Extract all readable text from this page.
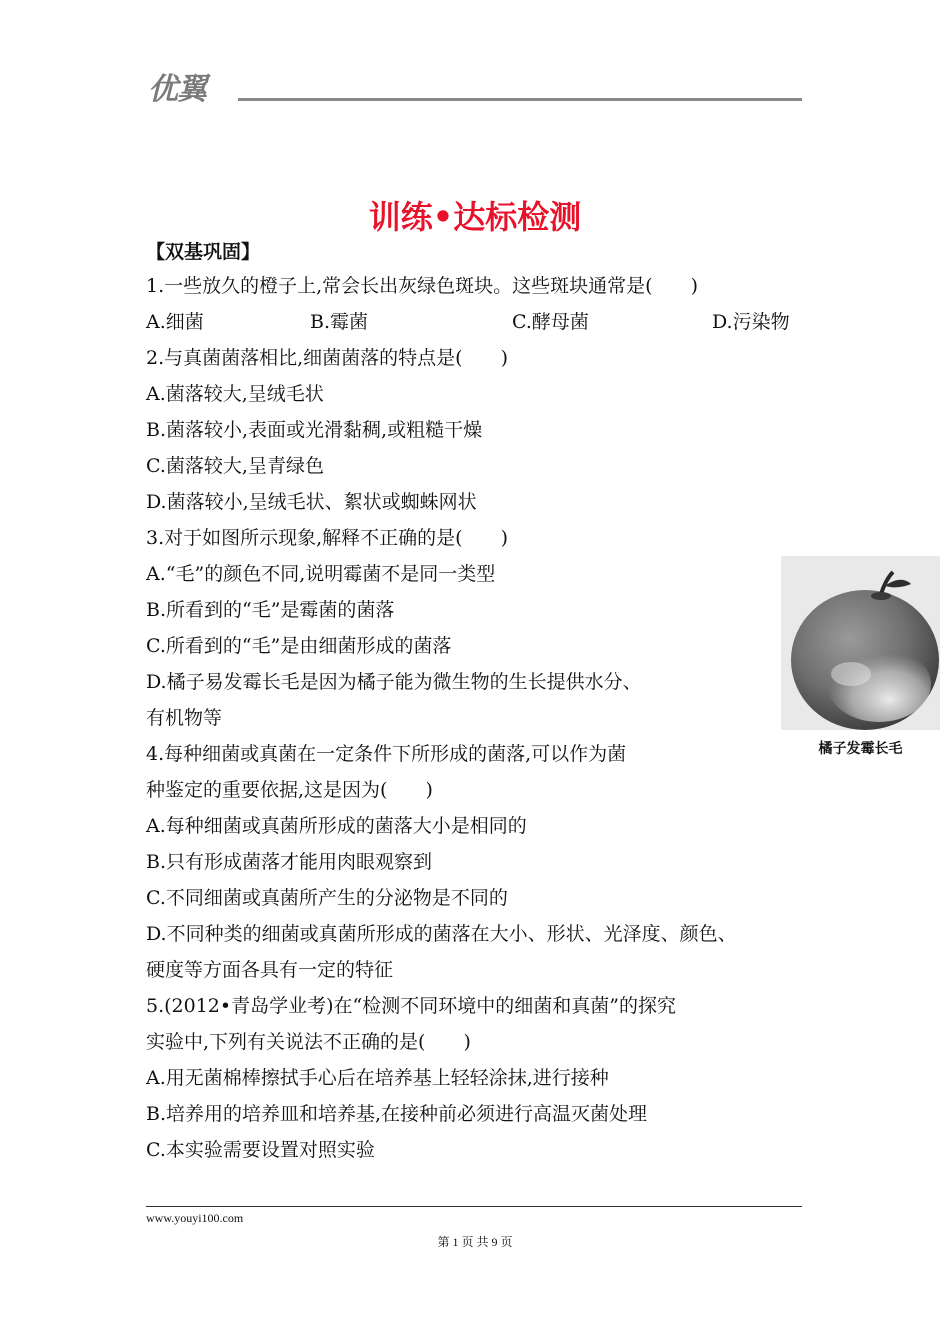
优翼
训练•达标检测
【双基巩固】
1.一些放久的橙子上,常会长出灰绿色斑块。这些斑块通常是(　　)
A.细菌	B.霉菌	C.酵母菌	D.污染物
2.与真菌菌落相比,细菌菌落的特点是(　　)
A.菌落较大,呈绒毛状
B.菌落较小,表面或光滑黏稠,或粗糙干燥
C.菌落较大,呈青绿色
D.菌落较小,呈绒毛状、絮状或蜘蛛网状
3.对于如图所示现象,解释不正确的是(　　)
A.“毛”的颜色不同,说明霉菌不是同一类型
B.所看到的“毛”是霉菌的菌落
C.所看到的“毛”是由细菌形成的菌落
D.橘子易发霉长毛是因为橘子能为微生物的生长提供水分、
有机物等
4.每种细菌或真菌在一定条件下所形成的菌落,可以作为菌
种鉴定的重要依据,这是因为(　　)
A.每种细菌或真菌所形成的菌落大小是相同的
B.只有形成菌落才能用肉眼观察到
C.不同细菌或真菌所产生的分泌物是不同的
D.不同种类的细菌或真菌所形成的菌落在大小、形状、光泽度、颜色、
硬度等方面各具有一定的特征
5.(2012•青岛学业考)在“检测不同环境中的细菌和真菌”的探究
实验中,下列有关说法不正确的是(　　)
A.用无菌棉棒擦拭手心后在培养基上轻轻涂抹,进行接种
B.培养用的培养皿和培养基,在接种前必须进行高温灭菌处理
C.本实验需要设置对照实验
橘子发霉长毛
www.youyi100.com
第 1 页 共 9 页
